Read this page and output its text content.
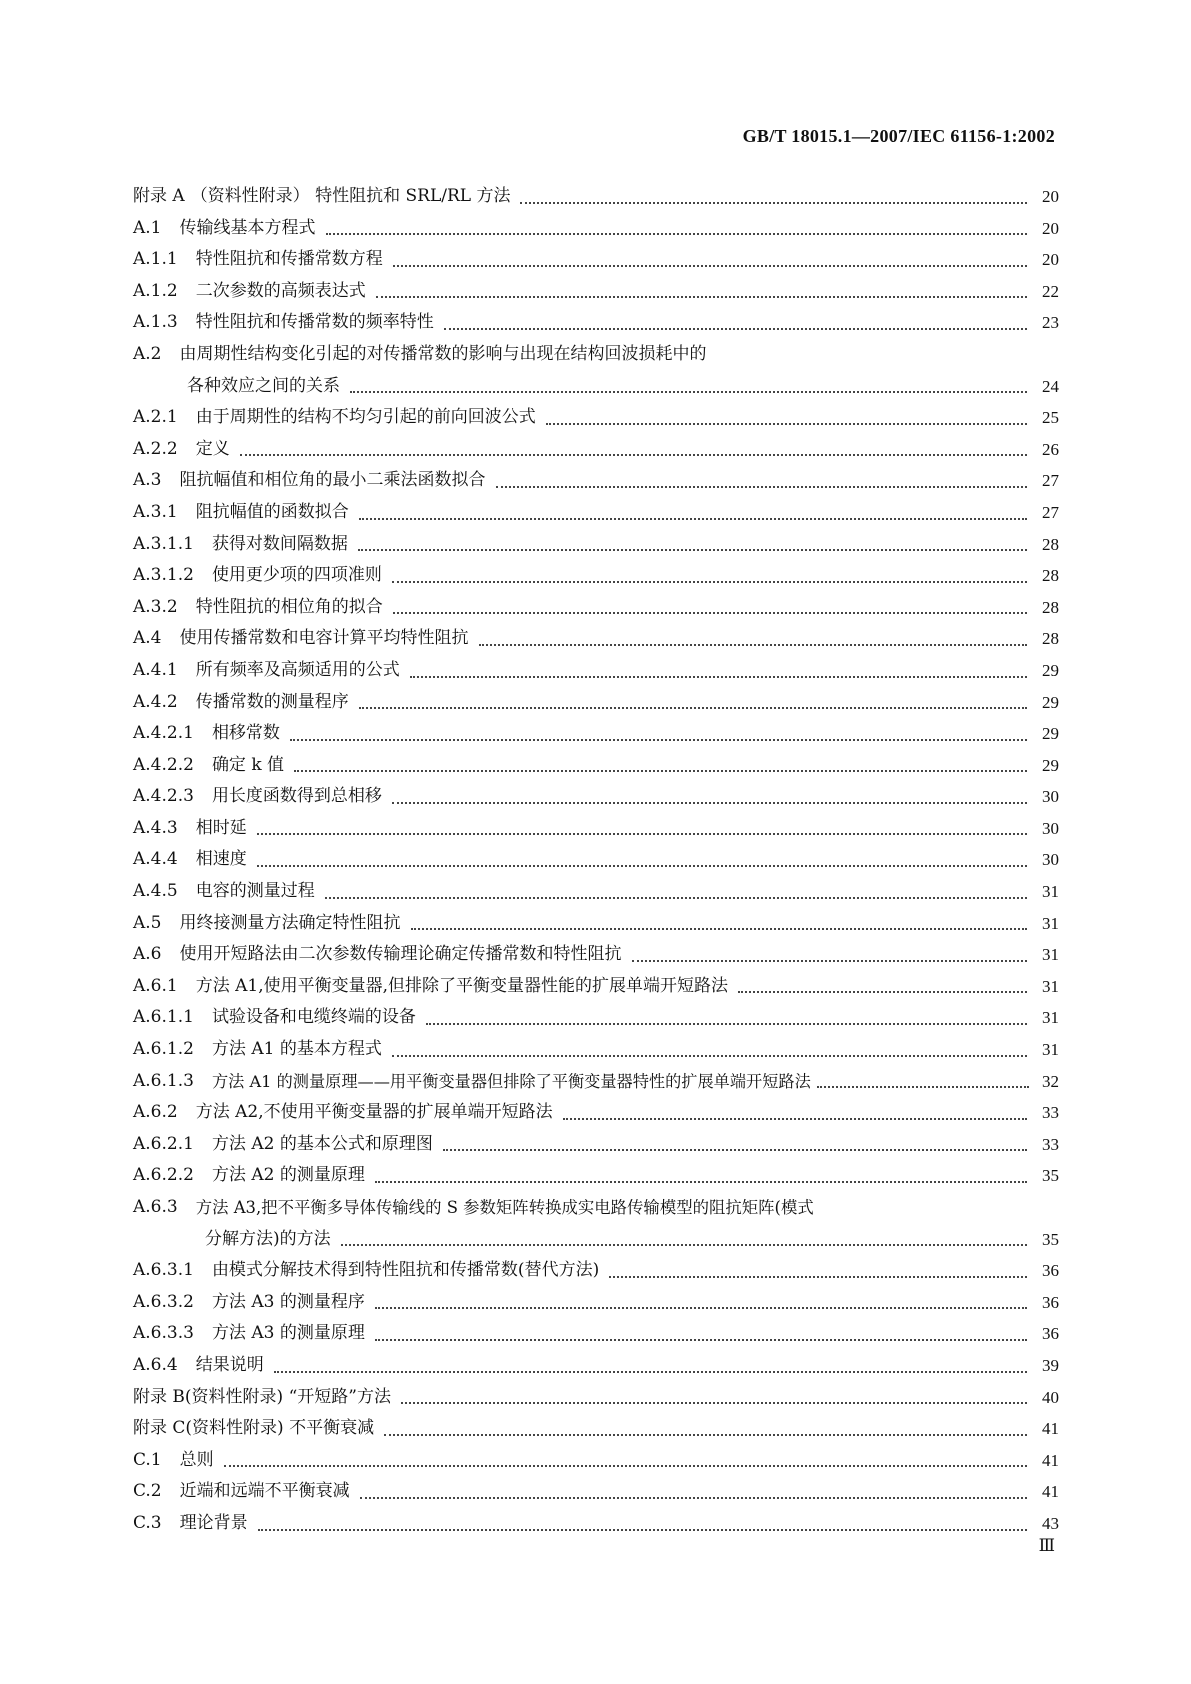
GB/T 18015.1—2007/IEC 61156-1:2002
附录 A （资料性附录） 特性阻抗和 SRL/RL 方法	20
A.1	传输线基本方程式	20
A.1.1	特性阻抗和传播常数方程	20
A.1.2	二次参数的高频表达式	22
A.1.3	特性阻抗和传播常数的频率特性	23
A.2	由周期性结构变化引起的对传播常数的影响与出现在结构回波损耗中的
各种效应之间的关系	24
A.2.1	由于周期性的结构不均匀引起的前向回波公式	25
A.2.2	定义	26
A.3	阻抗幅值和相位角的最小二乘法函数拟合	27
A.3.1	阻抗幅值的函数拟合	27
A.3.1.1	获得对数间隔数据	28
A.3.1.2	使用更少项的四项准则	28
A.3.2	特性阻抗的相位角的拟合	28
A.4	使用传播常数和电容计算平均特性阻抗	28
A.4.1	所有频率及高频适用的公式	29
A.4.2	传播常数的测量程序	29
A.4.2.1	相移常数	29
A.4.2.2	确定 k 值	29
A.4.2.3	用长度函数得到总相移	30
A.4.3	相时延	30
A.4.4	相速度	30
A.4.5	电容的测量过程	31
A.5	用终接测量方法确定特性阻抗	31
A.6	使用开短路法由二次参数传输理论确定传播常数和特性阻抗	31
A.6.1	方法 A1,使用平衡变量器,但排除了平衡变量器性能的扩展单端开短路法	31
A.6.1.1	试验设备和电缆终端的设备	31
A.6.1.2	方法 A1 的基本方程式	31
A.6.1.3	方法 A1 的测量原理——用平衡变量器但排除了平衡变量器特性的扩展单端开短路法	32
A.6.2	方法 A2,不使用平衡变量器的扩展单端开短路法	33
A.6.2.1	方法 A2 的基本公式和原理图	33
A.6.2.2	方法 A2 的测量原理	35
A.6.3	方法 A3,把不平衡多导体传输线的 S 参数矩阵转换成实电路传输模型的阻抗矩阵(模式
分解方法)的方法	35
A.6.3.1	由模式分解技术得到特性阻抗和传播常数(替代方法)	36
A.6.3.2	方法 A3 的测量程序	36
A.6.3.3	方法 A3 的测量原理	36
A.6.4	结果说明	39
附录 B (资料性附录) “开短路”方法	40
附录 C (资料性附录) 不平衡衰减	41
C.1	总则	41
C.2	近端和远端不平衡衰减	41
C.3	理论背景	43
Ⅲ
